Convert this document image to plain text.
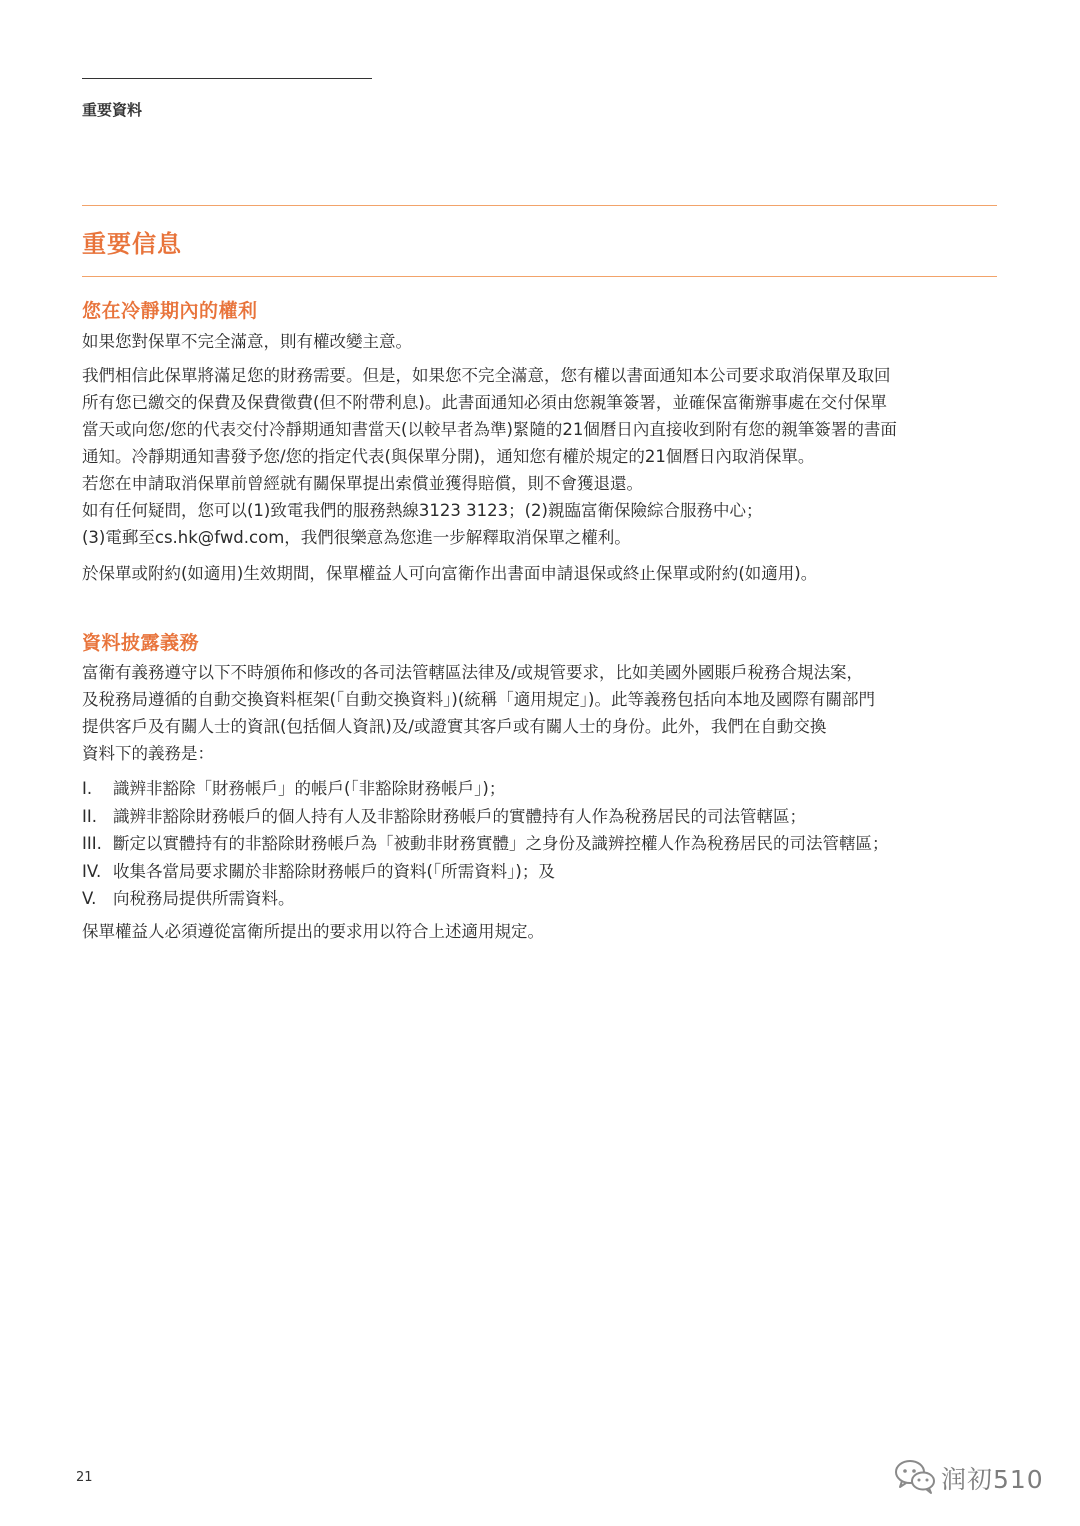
重要資料
重要信息
您在冷靜期內的權利

如果您對保單不完全滿意，則有權改變主意。

我們相信此保單將滿足您的財務需要。但是，如果您不完全滿意，您有權以書面通知本公司要求取消保單及取回
所有您已繳交的保費及保費徵費(但不附帶利息)。此書面通知必須由您親筆簽署，並確保富衛辦事處在交付保單
當天或向您/您的代表交付冷靜期通知書當天(以較早者為準)緊隨的21個曆日內直接收到附有您的親筆簽署的書面
通知。冷靜期通知書發予您/您的指定代表(與保單分開)，通知您有權於規定的21個曆日內取消保單。
若您在申請取消保單前曾經就有關保單提出索償並獲得賠償，則不會獲退還。
如有任何疑問，您可以(1)致電我們的服務熱線3123 3123；(2)親臨富衛保險綜合服務中心；
(3)電郵至cs.hk@fwd.com，我們很樂意為您進一步解釋取消保單之權利。

於保單或附約(如適用)生效期間，保單權益人可向富衛作出書面申請退保或終止保單或附約(如適用)。

資料披露義務

富衛有義務遵守以下不時頒佈和修改的各司法管轄區法律及/或規管要求，比如美國外國賬戶稅務合規法案，
及稅務局遵循的自動交換資料框架(「自動交換資料」)(統稱「適用規定」)。此等義務包括向本地及國際有關部門
提供客戶及有關人士的資訊(包括個人資訊)及/或證實其客戶或有關人士的身份。此外，我們在自動交換
資料下的義務是：

I. 識辨非豁除「財務帳戶」的帳戶(「非豁除財務帳戶」)；
II. 識辨非豁除財務帳戶的個人持有人及非豁除財務帳戶的實體持有人作為稅務居民的司法管轄區；
III. 斷定以實體持有的非豁除財務帳戶為「被動非財務實體」之身份及識辨控權人作為稅務居民的司法管轄區；
IV. 收集各當局要求關於非豁除財務帳戶的資料(「所需資料」)；及
V. 向稅務局提供所需資料。

保單權益人必須遵從富衛所提出的要求用以符合上述適用規定。

21	润初510
